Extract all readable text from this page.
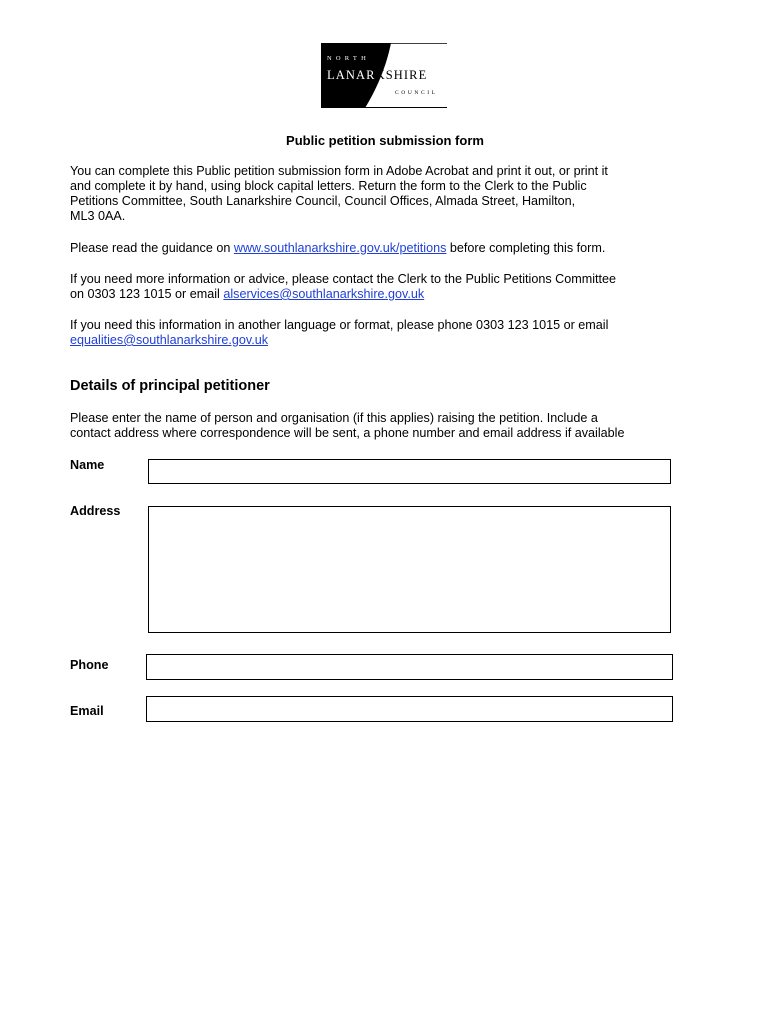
NORTH
LANARKSHIRE
COUNCIL
Public petition submission form
You can complete this Public petition submission form in Adobe Acrobat and print it out, or print it
and complete it by hand, using block capital letters. Return the form to the Clerk to the Public
Petitions Committee, South Lanarkshire Council, Council Offices, Almada Street, Hamilton,
ML3 0AA.
Please read the guidance on www.southlanarkshire.gov.uk/petitions before completing this form.
If you need more information or advice, please contact the Clerk to the Public Petitions Committee
on 0303 123 1015 or email alservices@southlanarkshire.gov.uk
If you need this information in another language or format, please phone 0303 123 1015 or email
equalities@southlanarkshire.gov.uk
Details of principal petitioner
Please enter the name of person and organisation (if this applies) raising the petition. Include a
contact address where correspondence will be sent, a phone number and email address if available
Name
Address
Phone
Email
